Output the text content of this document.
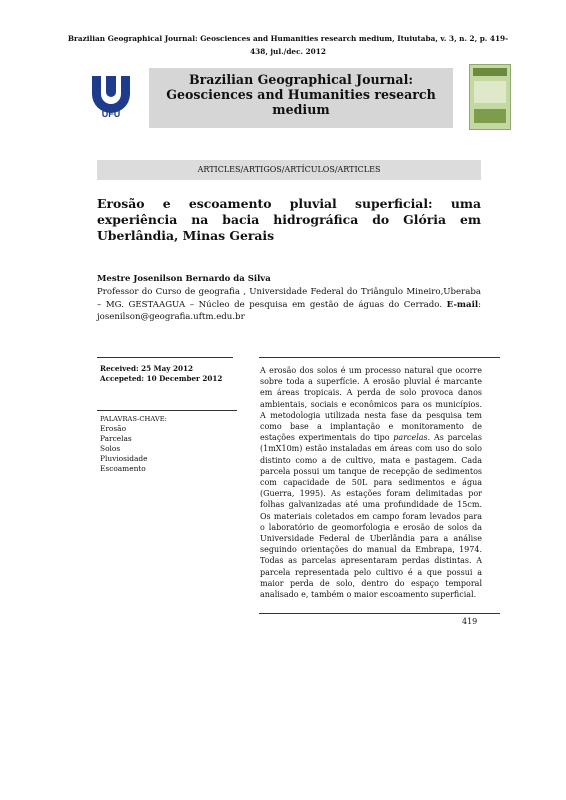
Brazilian Geographical Journal: Geosciences and Humanities research medium, Ituiutaba, v. 3, n. 2, p. 419-438, jul./dec. 2012
UFU
Brazilian Geographical Journal: Geosciences and Humanities research medium
ARTICLES/ARTIGOS/ARTÍCULOS/ARTICLES
Erosão e escoamento pluvial superficial: uma experiência na bacia hidrográfica do Glória em Uberlândia, Minas Gerais
Mestre Josenilson Bernardo da Silva
Professor do Curso de geografia , Universidade Federal do Triângulo Mineiro,Uberaba – MG. GESTAAGUA – Núcleo de pesquisa em gestão de águas do Cerrado. E-mail: josenilson@geografia.uftm.edu.br
Received: 25 May 2012
Accepeted: 10 December 2012
PALAVRAS-CHAVE:
Erosão
Parcelas
Solos
Pluviosidade
Escoamento
A erosão dos solos é um processo natural que ocorre sobre toda a superfície. A erosão pluvial é marcante em áreas tropicais. A perda de solo provoca danos ambientais, sociais e econômicos para os municípios. A metodologia utilizada nesta fase da pesquisa tem como base a implantação e monitoramento de estações experimentais do tipo parcelas. As parcelas (1mX10m) estão instaladas em áreas com uso do solo distinto como a de cultivo, mata e pastagem. Cada parcela possui um tanque de recepção de sedimentos com capacidade de 50L para sedimentos e água (Guerra, 1995). As estações foram delimitadas por folhas galvanizadas até uma profundidade de 15cm. Os materiais coletados em campo foram levados para o laboratório de geomorfologia e erosão de solos da Universidade Federal de Uberlândia para a análise seguindo orientações do manual da Embrapa, 1974. Todas as parcelas apresentaram perdas distintas. A parcela representada pelo cultivo é a que possui a maior perda de solo, dentro do espaço temporal analisado e, também o maior escoamento superficial.
419
